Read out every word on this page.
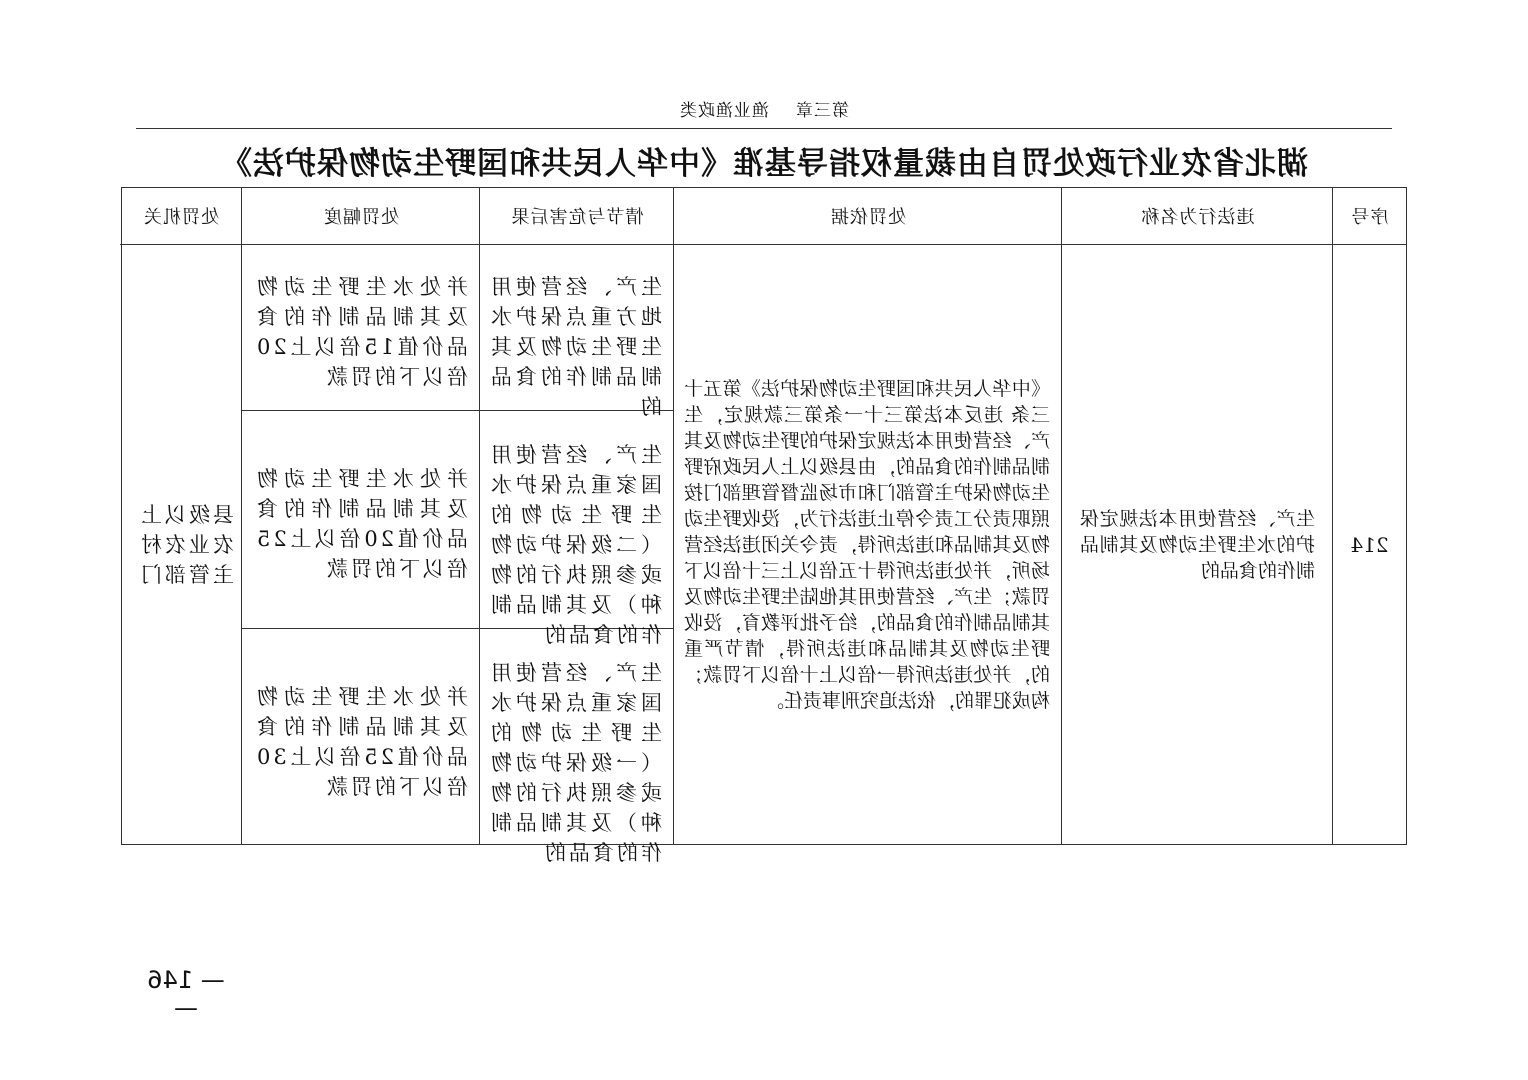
第三章渔业渔政类
湖北省农业行政处罚自由裁量权指导基准《中华人民共和国野生动物保护法》
序号
违法行为名称
处罚依据
情节与危害后果
处罚幅度
处罚机关
214
生产、经营使用本法规定保护的水生野生动物及其制品制作的食品的
《中华人民共和国野生动物保护法》第五十三条 违反本法第三十一条第三款规定，生产、经营使用本法规定保护的野生动物及其制品制作的食品的，由县级以上人民政府野生动物保护主管部门和市场监督管理部门按照职责分工责令停止违法行为，没收野生动物及其制品和违法所得，责令关闭违法经营场所，并处违法所得十五倍以上三十倍以下罚款；生产、经营使用其他陆生野生动物及其制品制作的食品的，给予批评教育，没收野生动物及其制品和违法所得，情节严重的，并处违法所得一倍以上十倍以下罚款；构成犯罪的，依法追究刑事责任。
生产、经营使用地方重点保护水生野生动物及其制品制作的食品的
生产、经营使用国家重点保护水生野生动物的（二级保护动物或参照执行的物种）及其制品制作的食品的
生产、经营使用国家重点保护水生野生动物的（一级保护动物或参照执行的物种）及其制品制作的食品的
并处水生野生动物及其制品制作的食品价值15倍以上20倍以下的罚款
并处水生野生动物及其制品制作的食品价值20倍以上25倍以下的罚款
并处水生野生动物及其制品制作的食品价值25倍以上30倍以下的罚款
县级以上农业农村主管部门
— 146 —
